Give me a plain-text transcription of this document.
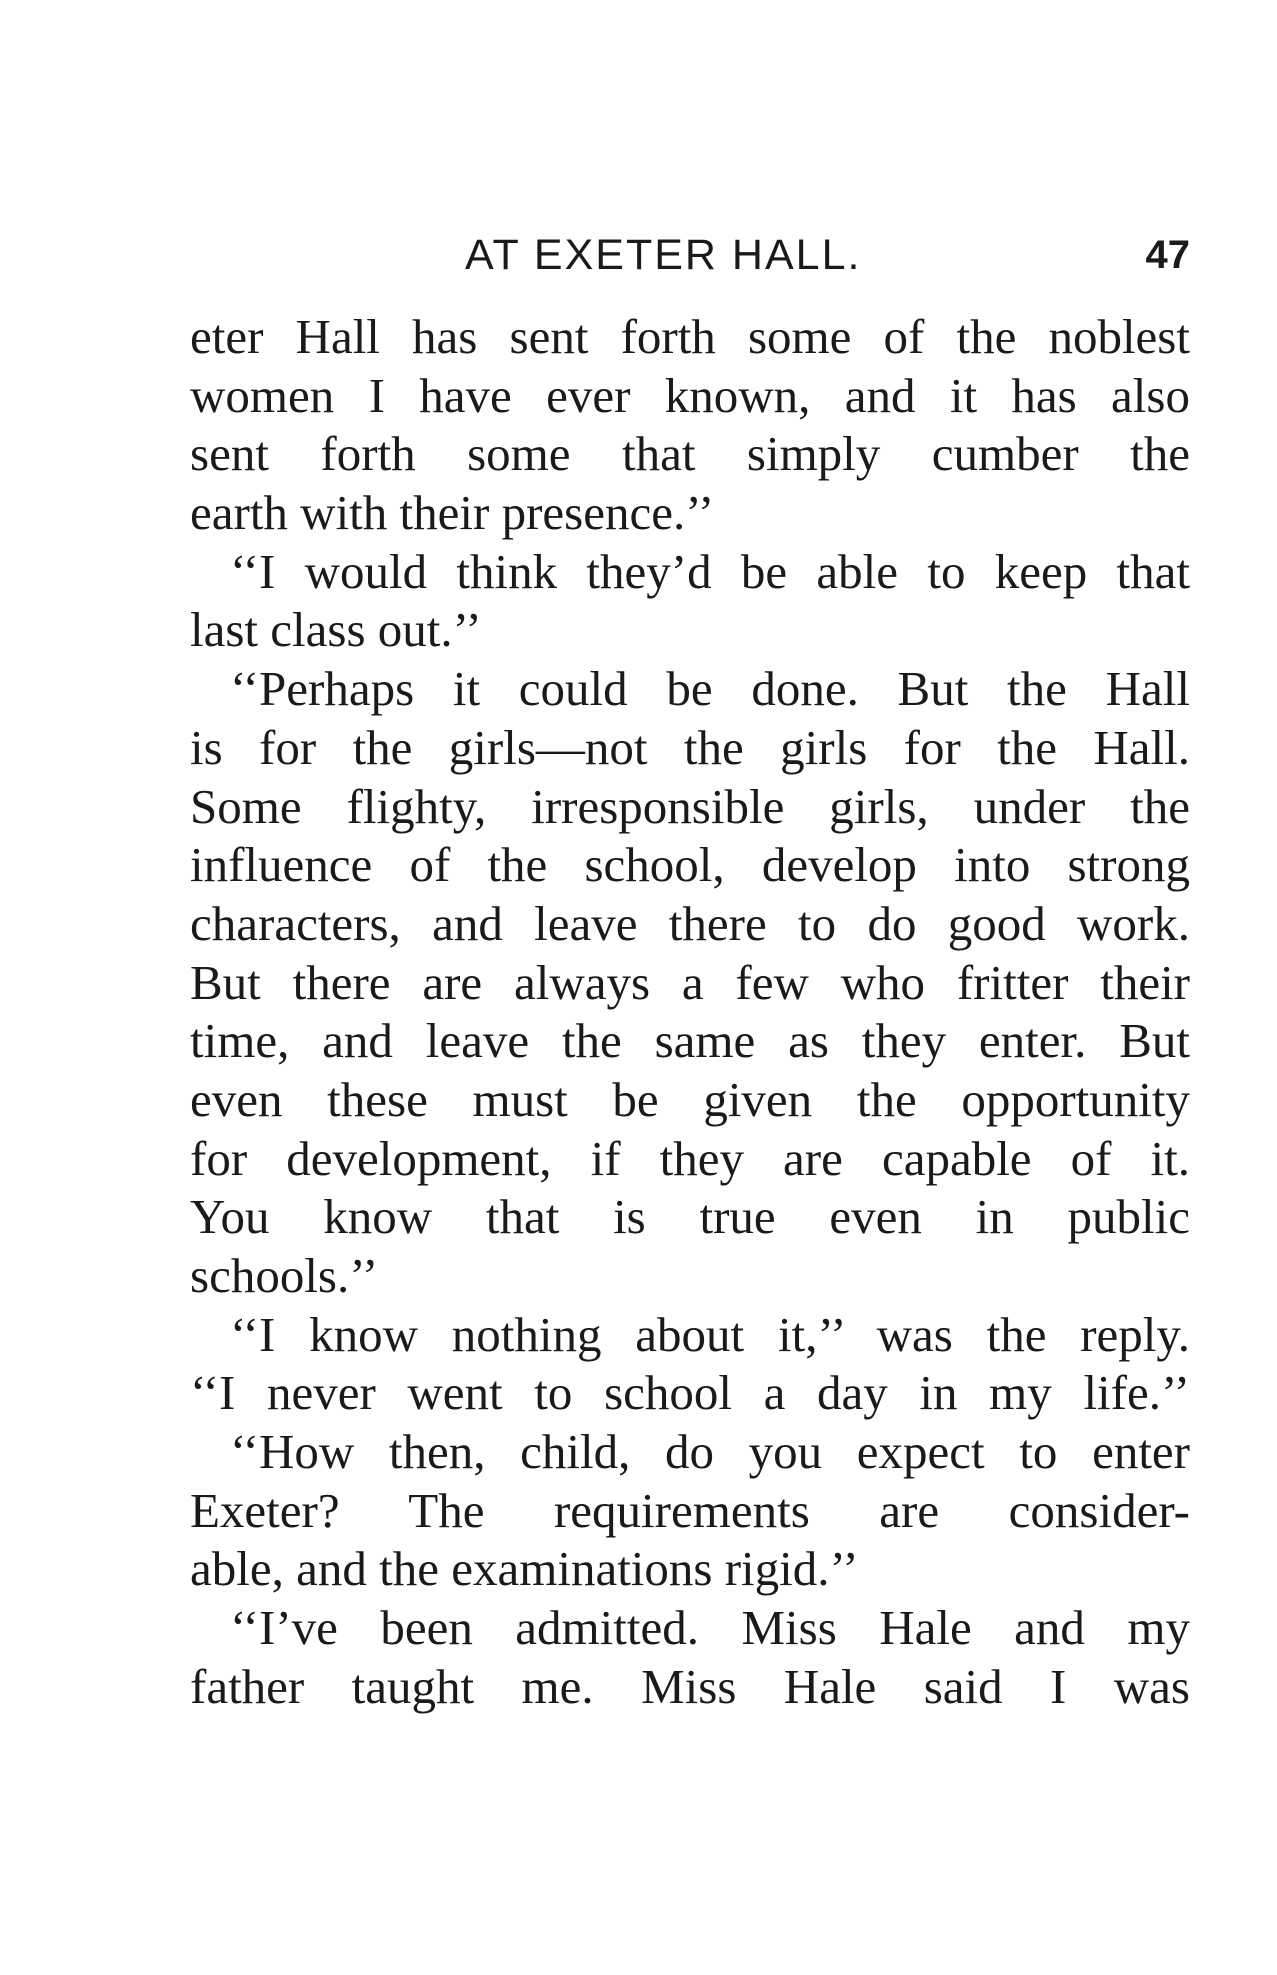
AT EXETER HALL.	47
eter Hall has sent forth some of the noblest
women I have ever known, and it has also
sent forth some that simply cumber the
earth with their presence.’’
‘‘I would think they’d be able to keep that
last class out.’’
‘‘Perhaps it could be done. But the Hall
is for the girls—not the girls for the Hall.
Some flighty, irresponsible girls, under the
influence of the school, develop into strong
characters, and leave there to do good work.
But there are always a few who fritter their
time, and leave the same as they enter. But
even these must be given the opportunity
for development, if they are capable of it.
You know that is true even in public
schools.’’
‘‘I know nothing about it,’’ was the reply.
‘‘I never went to school a day in my life.’’
‘‘How then, child, do you expect to enter
Exeter? The requirements are consider-
able, and the examinations rigid.’’
‘‘I’ve been admitted. Miss Hale and my
father taught me. Miss Hale said I was
